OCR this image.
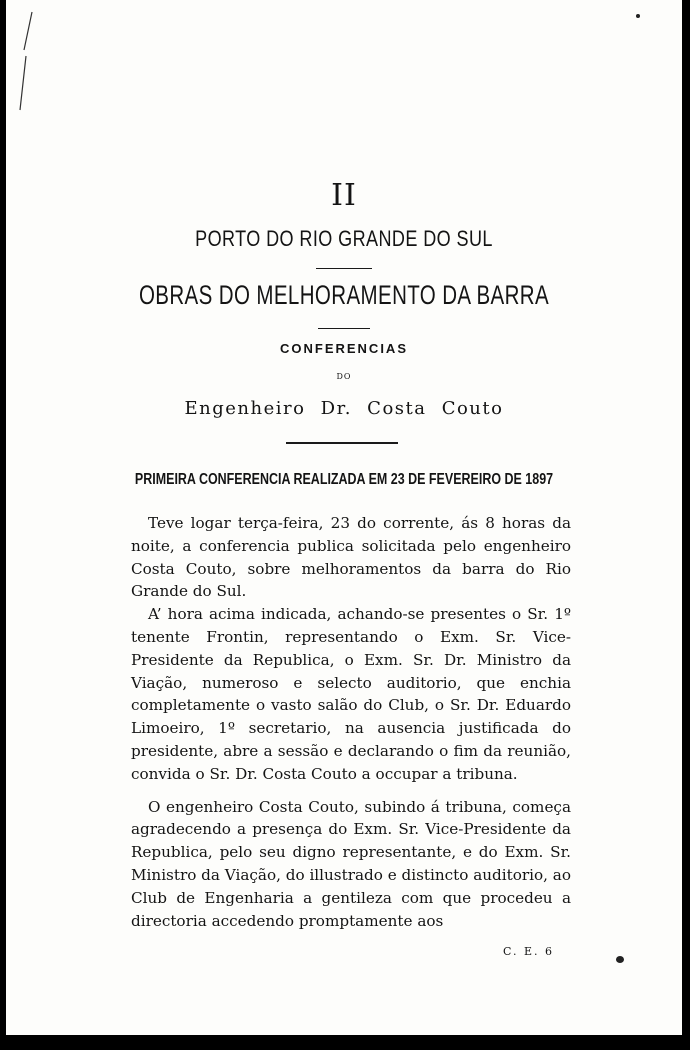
II
PORTO DO RIO GRANDE DO SUL
OBRAS DO MELHORAMENTO DA BARRA
CONFERENCIAS
DO
Engenheiro Dr. Costa Couto
PRIMEIRA CONFERENCIA REALIZADA EM 23 DE FEVEREIRO DE 1897

Teve logar terça-feira, 23 do corrente, ás 8 horas da noite, a conferencia publica solicitada pelo engenheiro Costa Couto, sobre melhoramentos da barra do Rio Grande do Sul.

A’ hora acima indicada, achando-se presentes o Sr. 1º tenente Frontin, representando o Exm. Sr. Vice-Presidente da Republica, o Exm. Sr. Dr. Ministro da Viação, numeroso e selecto auditorio, que enchia completamente o vasto salão do Club, o Sr. Dr. Eduardo Limoeiro, 1º secretario, na ausencia justificada do presidente, abre a sessão e declarando o fim da reunião, convida o Sr. Dr. Costa Couto a occupar a tribuna.

O engenheiro Costa Couto, subindo á tribuna, começa agradecendo a presença do Exm. Sr. Vice-Presidente da Republica, pelo seu digno representante, e do Exm. Sr. Ministro da Viação, do illustrado e distincto auditorio, ao Club de Engenharia a gentileza com que procedeu a directoria accedendo promptamente aos

C. E. 6
